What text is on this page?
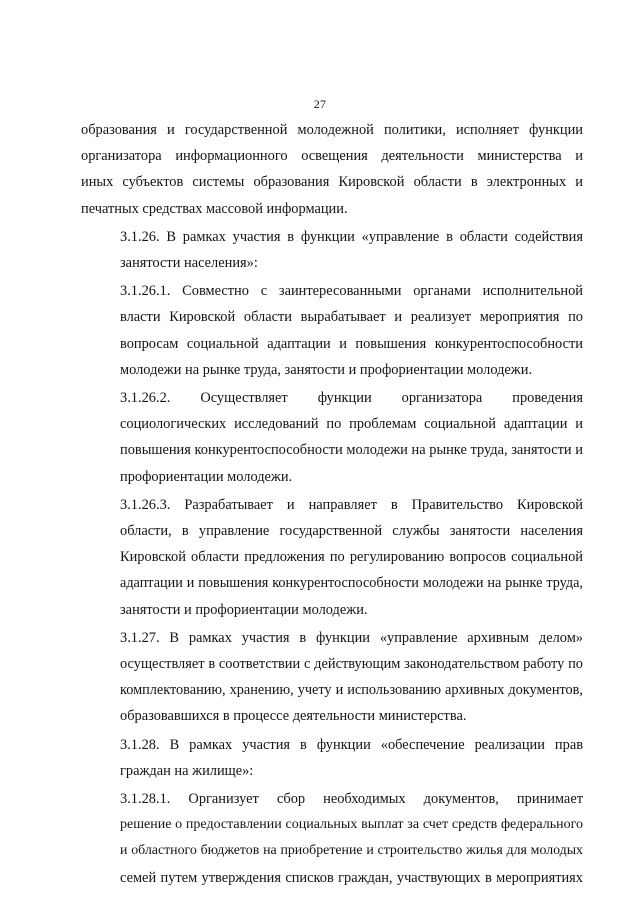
27
образования и государственной молодежной политики, исполняет функции
организатора информационного освещения деятельности министерства и
иных субъектов системы образования Кировской области в электронных и
печатных средствах массовой информации.
3.1.26. В рамках участия в функции «управление в области содействия
занятости населения»:
3.1.26.1. Совместно с заинтересованными органами исполнительной
власти Кировской области вырабатывает и реализует мероприятия по
вопросам социальной адаптации и повышения конкурентоспособности
молодежи на рынке труда, занятости и профориентации молодежи.
3.1.26.2. Осуществляет функции организатора проведения
социологических исследований по проблемам социальной адаптации и
повышения конкурентоспособности молодежи на рынке труда, занятости и
профориентации молодежи.
3.1.26.3. Разрабатывает и направляет в Правительство Кировской
области, в управление государственной службы занятости населения
Кировской области предложения по регулированию вопросов социальной
адаптации и повышения конкурентоспособности молодежи на рынке труда,
занятости и профориентации молодежи.
3.1.27. В рамках участия в функции «управление архивным делом»
осуществляет в соответствии с действующим законодательством работу по
комплектованию, хранению, учету и использованию архивных документов,
образовавшихся в процессе деятельности министерства.
3.1.28. В рамках участия в функции «обеспечение реализации прав
граждан на жилище»:
3.1.28.1. Организует сбор необходимых документов, принимает
решение о предоставлении социальных выплат за счет средств федерального
и областного бюджетов на приобретение и строительство жилья для молодых
семей путем утверждения списков граждан, участвующих в мероприятиях
